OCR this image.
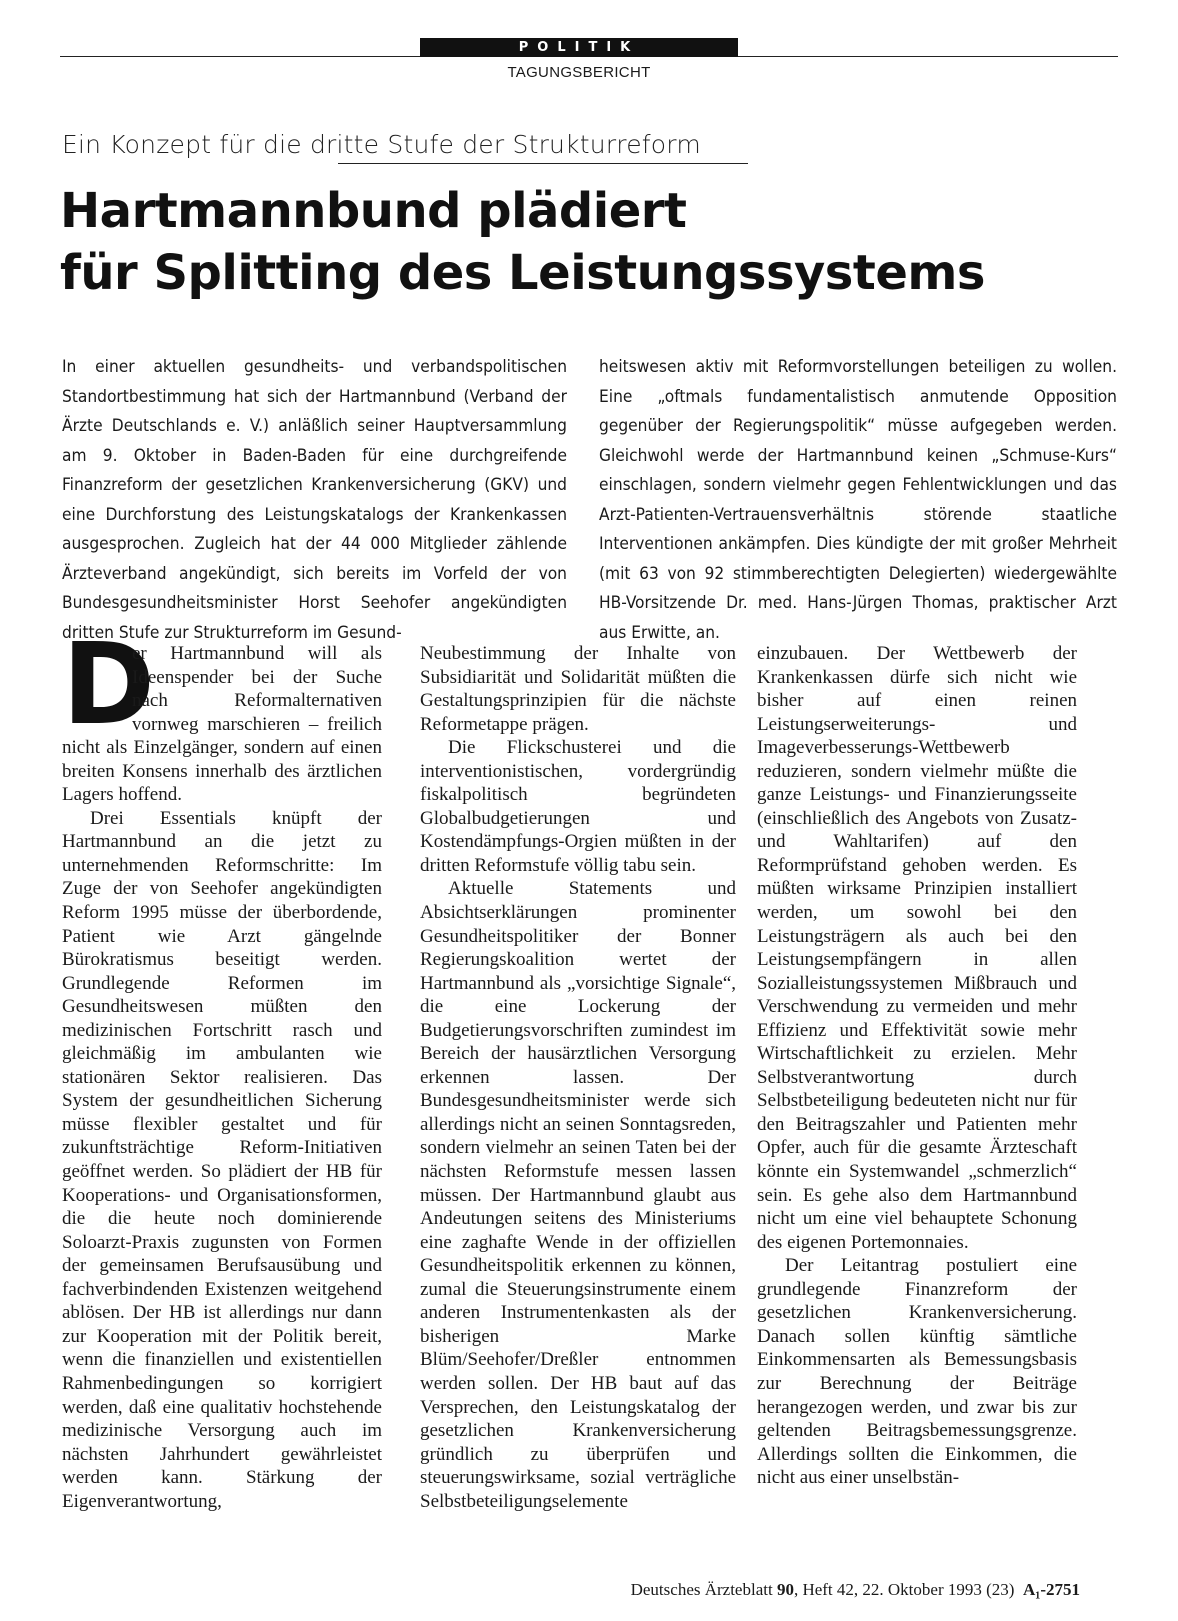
POLITIK
TAGUNGSBERICHT
Ein Konzept für die dritte Stufe der Strukturreform
Hartmannbund plädiert
für Splitting des Leistungssystems
In einer aktuellen gesundheits- und verbandspolitischen Standortbestimmung hat sich der Hartmannbund (Verband der Ärzte Deutschlands e. V.) anläßlich seiner Hauptversammlung am 9. Oktober in Baden-Baden für eine durchgreifende Finanzreform der gesetzlichen Krankenversicherung (GKV) und eine Durchforstung des Leistungskatalogs der Krankenkassen ausgesprochen. Zugleich hat der 44 000 Mitglieder zählende Ärzteverband angekündigt, sich bereits im Vorfeld der von Bundesgesundheitsminister Horst Seehofer angekündigten dritten Stufe zur Strukturreform im Gesund-
heitswesen aktiv mit Reformvorstellungen beteiligen zu wollen. Eine „oftmals fundamentalistisch anmutende Opposition gegenüber der Regierungspolitik“ müsse aufgegeben werden. Gleichwohl werde der Hartmannbund keinen „Schmuse-Kurs“ einschlagen, sondern vielmehr gegen Fehlentwicklungen und das Arzt-Patienten-Vertrauensverhältnis störende staatliche Interventionen ankämpfen. Dies kündigte der mit großer Mehrheit (mit 63 von 92 stimmberechtigten Delegierten) wiedergewählte HB-Vorsitzende Dr. med. Hans-Jürgen Thomas, praktischer Arzt aus Erwitte, an.

D
er Hartmannbund will als Ideenspender bei der Suche nach Reformalternativen vornweg marschieren – freilich nicht als Einzelgänger, sondern auf einen breiten Konsens innerhalb des ärztlichen Lagers hoffend.

Drei Essentials knüpft der Hartmannbund an die jetzt zu unternehmenden Reformschritte: Im Zuge der von Seehofer angekündigten Reform 1995 müsse der überbordende, Patient wie Arzt gängelnde Bürokratismus beseitigt werden. Grundlegende Reformen im Gesundheitswesen müßten den medizinischen Fortschritt rasch und gleichmäßig im ambulanten wie stationären Sektor realisieren. Das System der gesundheitlichen Sicherung müsse flexibler gestaltet und für zukunftsträchtige Reform-Initiativen geöffnet werden. So plädiert der HB für Kooperations- und Organisationsformen, die die heute noch dominierende Soloarzt-Praxis zugunsten von Formen der gemeinsamen Berufsausübung und fachverbindenden Existenzen weitgehend ablösen. Der HB ist allerdings nur dann zur Kooperation mit der Politik bereit, wenn die finanziellen und existentiellen Rahmenbedingungen so korrigiert werden, daß eine qualitativ hochstehende medizinische Versorgung auch im nächsten Jahrhundert gewährleistet werden kann. Stärkung der Eigenverantwortung,

Neubestimmung der Inhalte von Subsidiarität und Solidarität müßten die Gestaltungsprinzipien für die nächste Reformetappe prägen.

Die Flickschusterei und die interventionistischen, vordergründig fiskalpolitisch begründeten Globalbudgetierungen und Kostendämpfungs-Orgien müßten in der dritten Reformstufe völlig tabu sein.

Aktuelle Statements und Absichtserklärungen prominenter Gesundheitspolitiker der Bonner Regierungskoalition wertet der Hartmannbund als „vorsichtige Signale“, die eine Lockerung der Budgetierungsvorschriften zumindest im Bereich der hausärztlichen Versorgung erkennen lassen. Der Bundesgesundheitsminister werde sich allerdings nicht an seinen Sonntagsreden, sondern vielmehr an seinen Taten bei der nächsten Reformstufe messen lassen müssen. Der Hartmannbund glaubt aus Andeutungen seitens des Ministeriums eine zaghafte Wende in der offiziellen Gesundheitspolitik erkennen zu können, zumal die Steuerungsinstrumente einem anderen Instrumentenkasten als der bisherigen Marke Blüm/Seehofer/Dreßler entnommen werden sollen. Der HB baut auf das Versprechen, den Leistungskatalog der gesetzlichen Krankenversicherung gründlich zu überprüfen und steuerungswirksame, sozial verträgliche Selbstbeteiligungselemente

einzubauen. Der Wettbewerb der Krankenkassen dürfe sich nicht wie bisher auf einen reinen Leistungserweiterungs- und Imageverbesserungs-Wettbewerb reduzieren, sondern vielmehr müßte die ganze Leistungs- und Finanzierungsseite (einschließlich des Angebots von Zusatz- und Wahltarifen) auf den Reformprüfstand gehoben werden. Es müßten wirksame Prinzipien installiert werden, um sowohl bei den Leistungsträgern als auch bei den Leistungsempfängern in allen Sozialleistungssystemen Mißbrauch und Verschwendung zu vermeiden und mehr Effizienz und Effektivität sowie mehr Wirtschaftlichkeit zu erzielen. Mehr Selbstverantwortung durch Selbstbeteiligung bedeuteten nicht nur für den Beitragszahler und Patienten mehr Opfer, auch für die gesamte Ärzteschaft könnte ein Systemwandel „schmerzlich“ sein. Es gehe also dem Hartmannbund nicht um eine viel behauptete Schonung des eigenen Portemonnaies.

Der Leitantrag postuliert eine grundlegende Finanzreform der gesetzlichen Krankenversicherung. Danach sollen künftig sämtliche Einkommensarten als Bemessungsbasis zur Berechnung der Beiträge herangezogen werden, und zwar bis zur geltenden Beitragsbemessungsgrenze. Allerdings sollten die Einkommen, die nicht aus einer unselbstän-

Deutsches Ärzteblatt 90, Heft 42, 22. Oktober 1993 (23) A₁-2751
